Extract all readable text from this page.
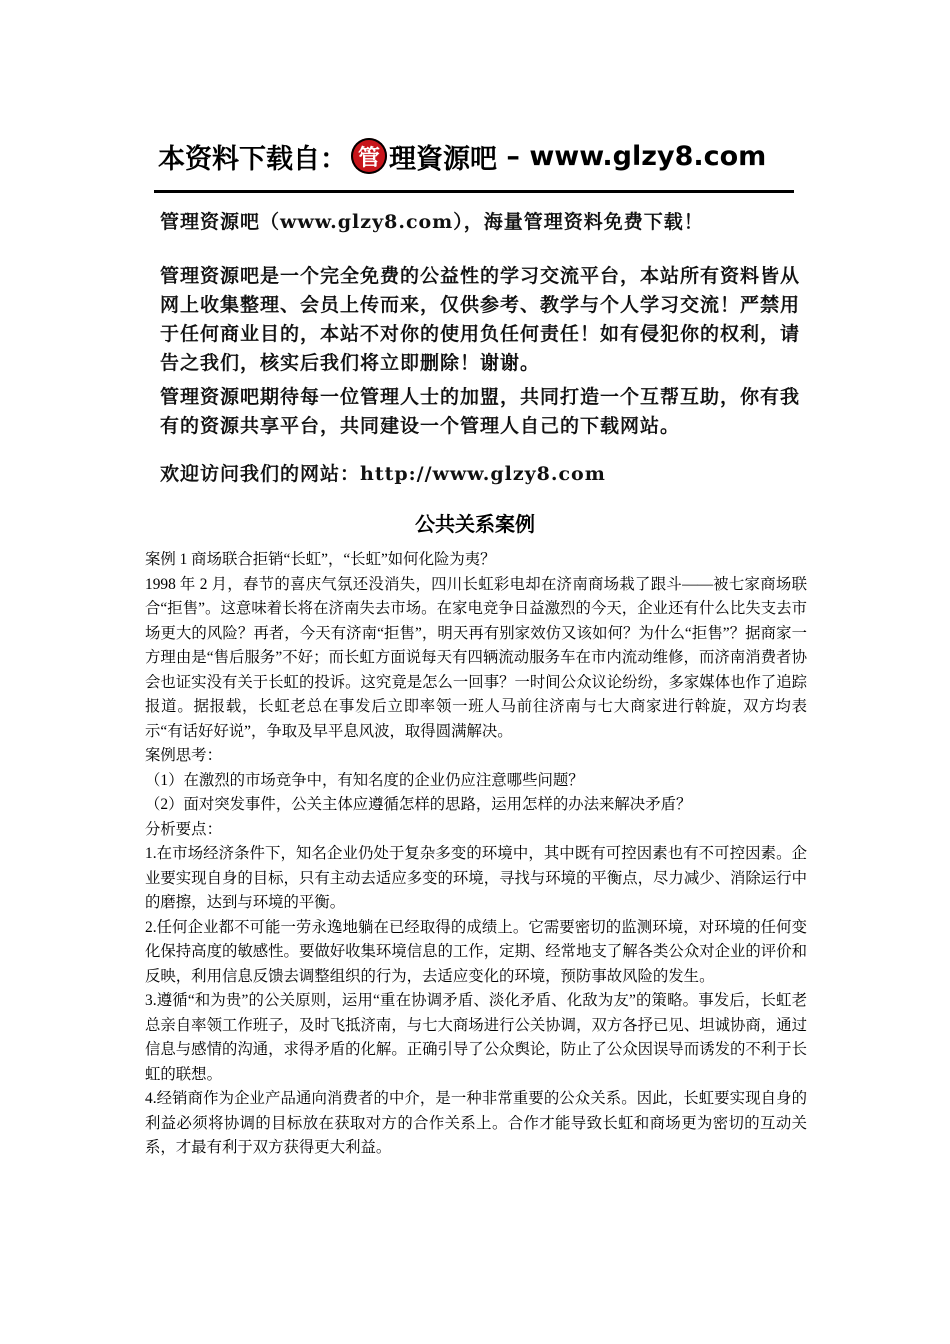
本资料下载自： 管 理資源吧 – www.glzy8.com

管理资源吧（www.glzy8.com），海量管理资料免费下载！

管理资源吧是一个完全免费的公益性的学习交流平台，本站所有资料皆从网上收集整理、会员上传而来，仅供参考、教学与个人学习交流！严禁用于任何商业目的，本站不对你的使用负任何责任！如有侵犯你的权利，请告之我们，核实后我们将立即删除！谢谢。

管理资源吧期待每一位管理人士的加盟，共同打造一个互帮互助，你有我有的资源共享平台，共同建设一个管理人自己的下载网站。

欢迎访问我们的网站：http://www.glzy8.com

公共关系案例

案例 1 商场联合拒销“长虹”，“长虹”如何化险为夷？

1998 年 2 月，春节的喜庆气氛还没消失，四川长虹彩电却在济南商场栽了跟斗——被七家商场联合“拒售”。这意味着长将在济南失去市场。在家电竞争日益激烈的今天，企业还有什么比失支去市场更大的风险？再者，今天有济南“拒售”，明天再有别家效仿又该如何？为什么“拒售”？据商家一方理由是“售后服务”不好；而长虹方面说每天有四辆流动服务车在市内流动维修，而济南消费者协会也证实没有关于长虹的投诉。这究竟是怎么一回事？一时间公众议论纷纷，多家媒体也作了追踪报道。据报载，长虹老总在事发后立即率领一班人马前往济南与七大商家进行斡旋，双方均表示“有话好好说”，争取及早平息风波，取得圆满解决。

案例思考：

（1）在激烈的市场竞争中，有知名度的企业仍应注意哪些问题？

（2）面对突发事件，公关主体应遵循怎样的思路，运用怎样的办法来解决矛盾？

分析要点：

1.在市场经济条件下，知名企业仍处于复杂多变的环境中，其中既有可控因素也有不可控因素。企业要实现自身的目标，只有主动去适应多变的环境，寻找与环境的平衡点，尽力减少、消除运行中的磨擦，达到与环境的平衡。

2.任何企业都不可能一劳永逸地躺在已经取得的成绩上。它需要密切的监测环境，对环境的任何变化保持高度的敏感性。要做好收集环境信息的工作，定期、经常地支了解各类公众对企业的评价和反映，利用信息反馈去调整组织的行为，去适应变化的环境，预防事故风险的发生。

3.遵循“和为贵”的公关原则，运用“重在协调矛盾、淡化矛盾、化敌为友”的策略。事发后，长虹老总亲自率领工作班子，及时飞抵济南，与七大商场进行公关协调，双方各抒已见、坦诚协商，通过信息与感情的沟通，求得矛盾的化解。正确引导了公众舆论，防止了公众因误导而诱发的不利于长虹的联想。

4.经销商作为企业产品通向消费者的中介，是一种非常重要的公众关系。因此，长虹要实现自身的利益必须将协调的目标放在获取对方的合作关系上。合作才能导致长虹和商场更为密切的互动关系，才最有利于双方获得更大利益。
